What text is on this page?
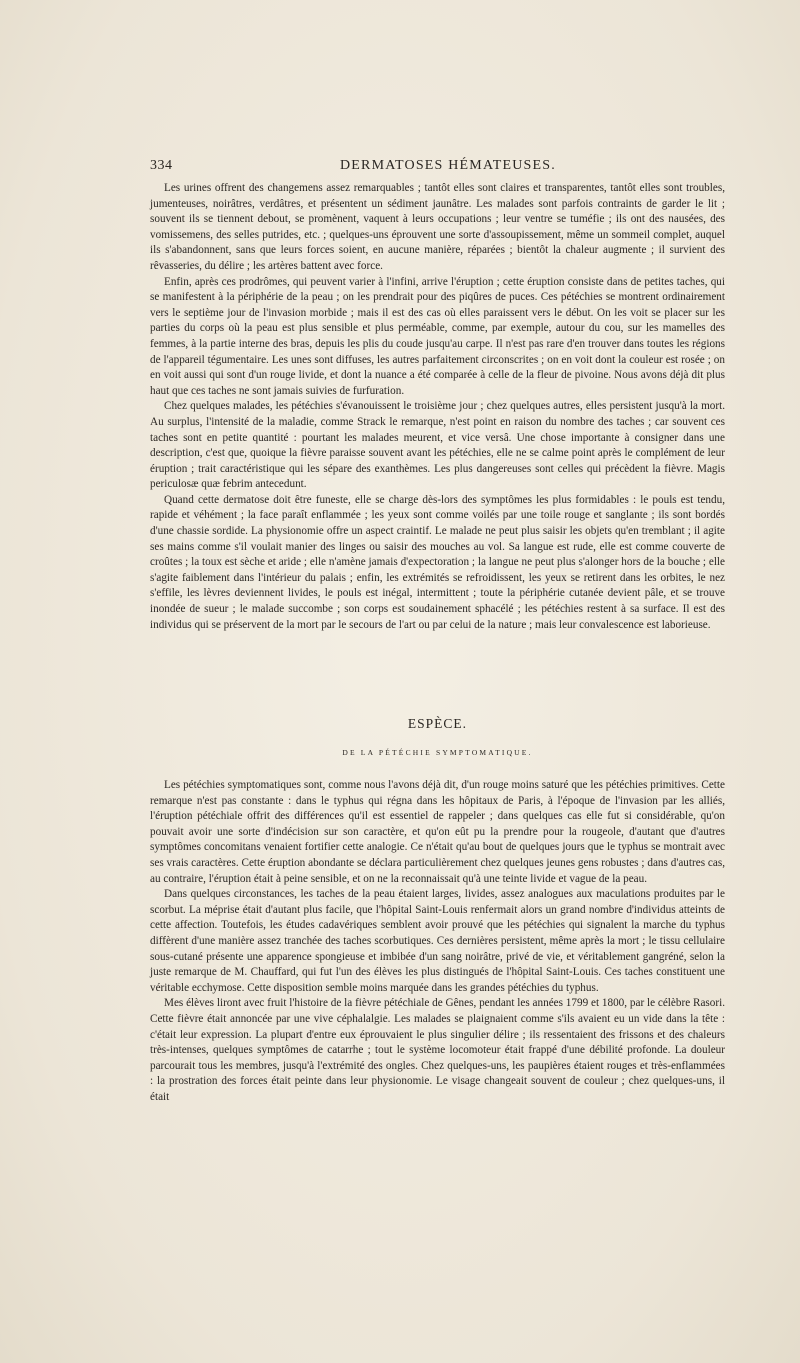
334	DERMATOSES HÉMATEUSES.

Les urines offrent des changemens assez remarquables ; tantôt elles sont claires et transparentes, tantôt elles sont troubles, jumenteuses, noirâtres, verdâtres, et présentent un sédiment jaunâtre. Les malades sont parfois contraints de garder le lit ; souvent ils se tiennent debout, se promènent, vaquent à leurs occupations ; leur ventre se tuméfie ; ils ont des nausées, des vomissemens, des selles putrides, etc. ; quelques-uns éprouvent une sorte d'assoupissement, même un sommeil complet, auquel ils s'abandonnent, sans que leurs forces soient, en aucune manière, réparées ; bientôt la chaleur augmente ; il survient des rêvasseries, du délire ; les artères battent avec force.

Enfin, après ces prodrômes, qui peuvent varier à l'infini, arrive l'éruption ; cette éruption consiste dans de petites taches, qui se manifestent à la périphérie de la peau ; on les prendrait pour des piqûres de puces. Ces pétéchies se montrent ordinairement vers le septième jour de l'invasion morbide ; mais il est des cas où elles paraissent vers le début. On les voit se placer sur les parties du corps où la peau est plus sensible et plus perméable, comme, par exemple, autour du cou, sur les mamelles des femmes, à la partie interne des bras, depuis les plis du coude jusqu'au carpe. Il n'est pas rare d'en trouver dans toutes les régions de l'appareil tégumentaire. Les unes sont diffuses, les autres parfaitement circonscrites ; on en voit dont la couleur est rosée ; on en voit aussi qui sont d'un rouge livide, et dont la nuance a été comparée à celle de la fleur de pivoine. Nous avons déjà dit plus haut que ces taches ne sont jamais suivies de furfuration.

Chez quelques malades, les pétéchies s'évanouissent le troisième jour ; chez quelques autres, elles persistent jusqu'à la mort. Au surplus, l'intensité de la maladie, comme Strack le remarque, n'est point en raison du nombre des taches ; car souvent ces taches sont en petite quantité : pourtant les malades meurent, et vice versâ. Une chose importante à consigner dans une description, c'est que, quoique la fièvre paraisse souvent avant les pétéchies, elle ne se calme point après le complément de leur éruption ; trait caractéristique qui les sépare des exanthèmes. Les plus dangereuses sont celles qui précèdent la fièvre. Magis periculosæ quæ febrim antecedunt.

Quand cette dermatose doit être funeste, elle se charge dès-lors des symptômes les plus formidables : le pouls est tendu, rapide et véhément ; la face paraît enflammée ; les yeux sont comme voilés par une toile rouge et sanglante ; ils sont bordés d'une chassie sordide. La physionomie offre un aspect craintif. Le malade ne peut plus saisir les objets qu'en tremblant ; il agite ses mains comme s'il voulait manier des linges ou saisir des mouches au vol. Sa langue est rude, elle est comme couverte de croûtes ; la toux est sèche et aride ; elle n'amène jamais d'expectoration ; la langue ne peut plus s'alonger hors de la bouche ; elle s'agite faiblement dans l'intérieur du palais ; enfin, les extrémités se refroidissent, les yeux se retirent dans les orbites, le nez s'effile, les lèvres deviennent livides, le pouls est inégal, intermittent ; toute la périphérie cutanée devient pâle, et se trouve inondée de sueur ; le malade succombe ; son corps est soudainement sphacélé ; les pétéchies restent à sa surface. Il est des individus qui se préservent de la mort par le secours de l'art ou par celui de la nature ; mais leur convalescence est laborieuse.

ESPÈCE.
DE LA PÉTÉCHIE SYMPTOMATIQUE.

Les pétéchies symptomatiques sont, comme nous l'avons déjà dit, d'un rouge moins saturé que les pétéchies primitives. Cette remarque n'est pas constante : dans le typhus qui régna dans les hôpitaux de Paris, à l'époque de l'invasion par les alliés, l'éruption pétéchiale offrit des différences qu'il est essentiel de rappeler ; dans quelques cas elle fut si considérable, qu'on pouvait avoir une sorte d'indécision sur son caractère, et qu'on eût pu la prendre pour la rougeole, d'autant que d'autres symptômes concomitans venaient fortifier cette analogie. Ce n'était qu'au bout de quelques jours que le typhus se montrait avec ses vrais caractères. Cette éruption abondante se déclara particulièrement chez quelques jeunes gens robustes ; dans d'autres cas, au contraire, l'éruption était à peine sensible, et on ne la reconnaissait qu'à une teinte livide et vague de la peau.

Dans quelques circonstances, les taches de la peau étaient larges, livides, assez analogues aux maculations produites par le scorbut. La méprise était d'autant plus facile, que l'hôpital Saint-Louis renfermait alors un grand nombre d'individus atteints de cette affection. Toutefois, les études cadavériques semblent avoir prouvé que les pétéchies qui signalent la marche du typhus diffèrent d'une manière assez tranchée des taches scorbutiques. Ces dernières persistent, même après la mort ; le tissu cellulaire sous-cutané présente une apparence spongieuse et imbibée d'un sang noirâtre, privé de vie, et véritablement gangréné, selon la juste remarque de M. Chauffard, qui fut l'un des élèves les plus distingués de l'hôpital Saint-Louis. Ces taches constituent une véritable ecchymose. Cette disposition semble moins marquée dans les grandes pétéchies du typhus.

Mes élèves liront avec fruit l'histoire de la fièvre pétéchiale de Gênes, pendant les années 1799 et 1800, par le célèbre Rasori. Cette fièvre était annoncée par une vive céphalalgie. Les malades se plaignaient comme s'ils avaient eu un vide dans la tête : c'était leur expression. La plupart d'entre eux éprouvaient le plus singulier délire ; ils ressentaient des frissons et des chaleurs très-intenses, quelques symptômes de catarrhe ; tout le système locomoteur était frappé d'une débilité profonde. La douleur parcourait tous les membres, jusqu'à l'extrémité des ongles. Chez quelques-uns, les paupières étaient rouges et très-enflammées : la prostration des forces était peinte dans leur physionomie. Le visage changeait souvent de couleur ; chez quelques-uns, il était
